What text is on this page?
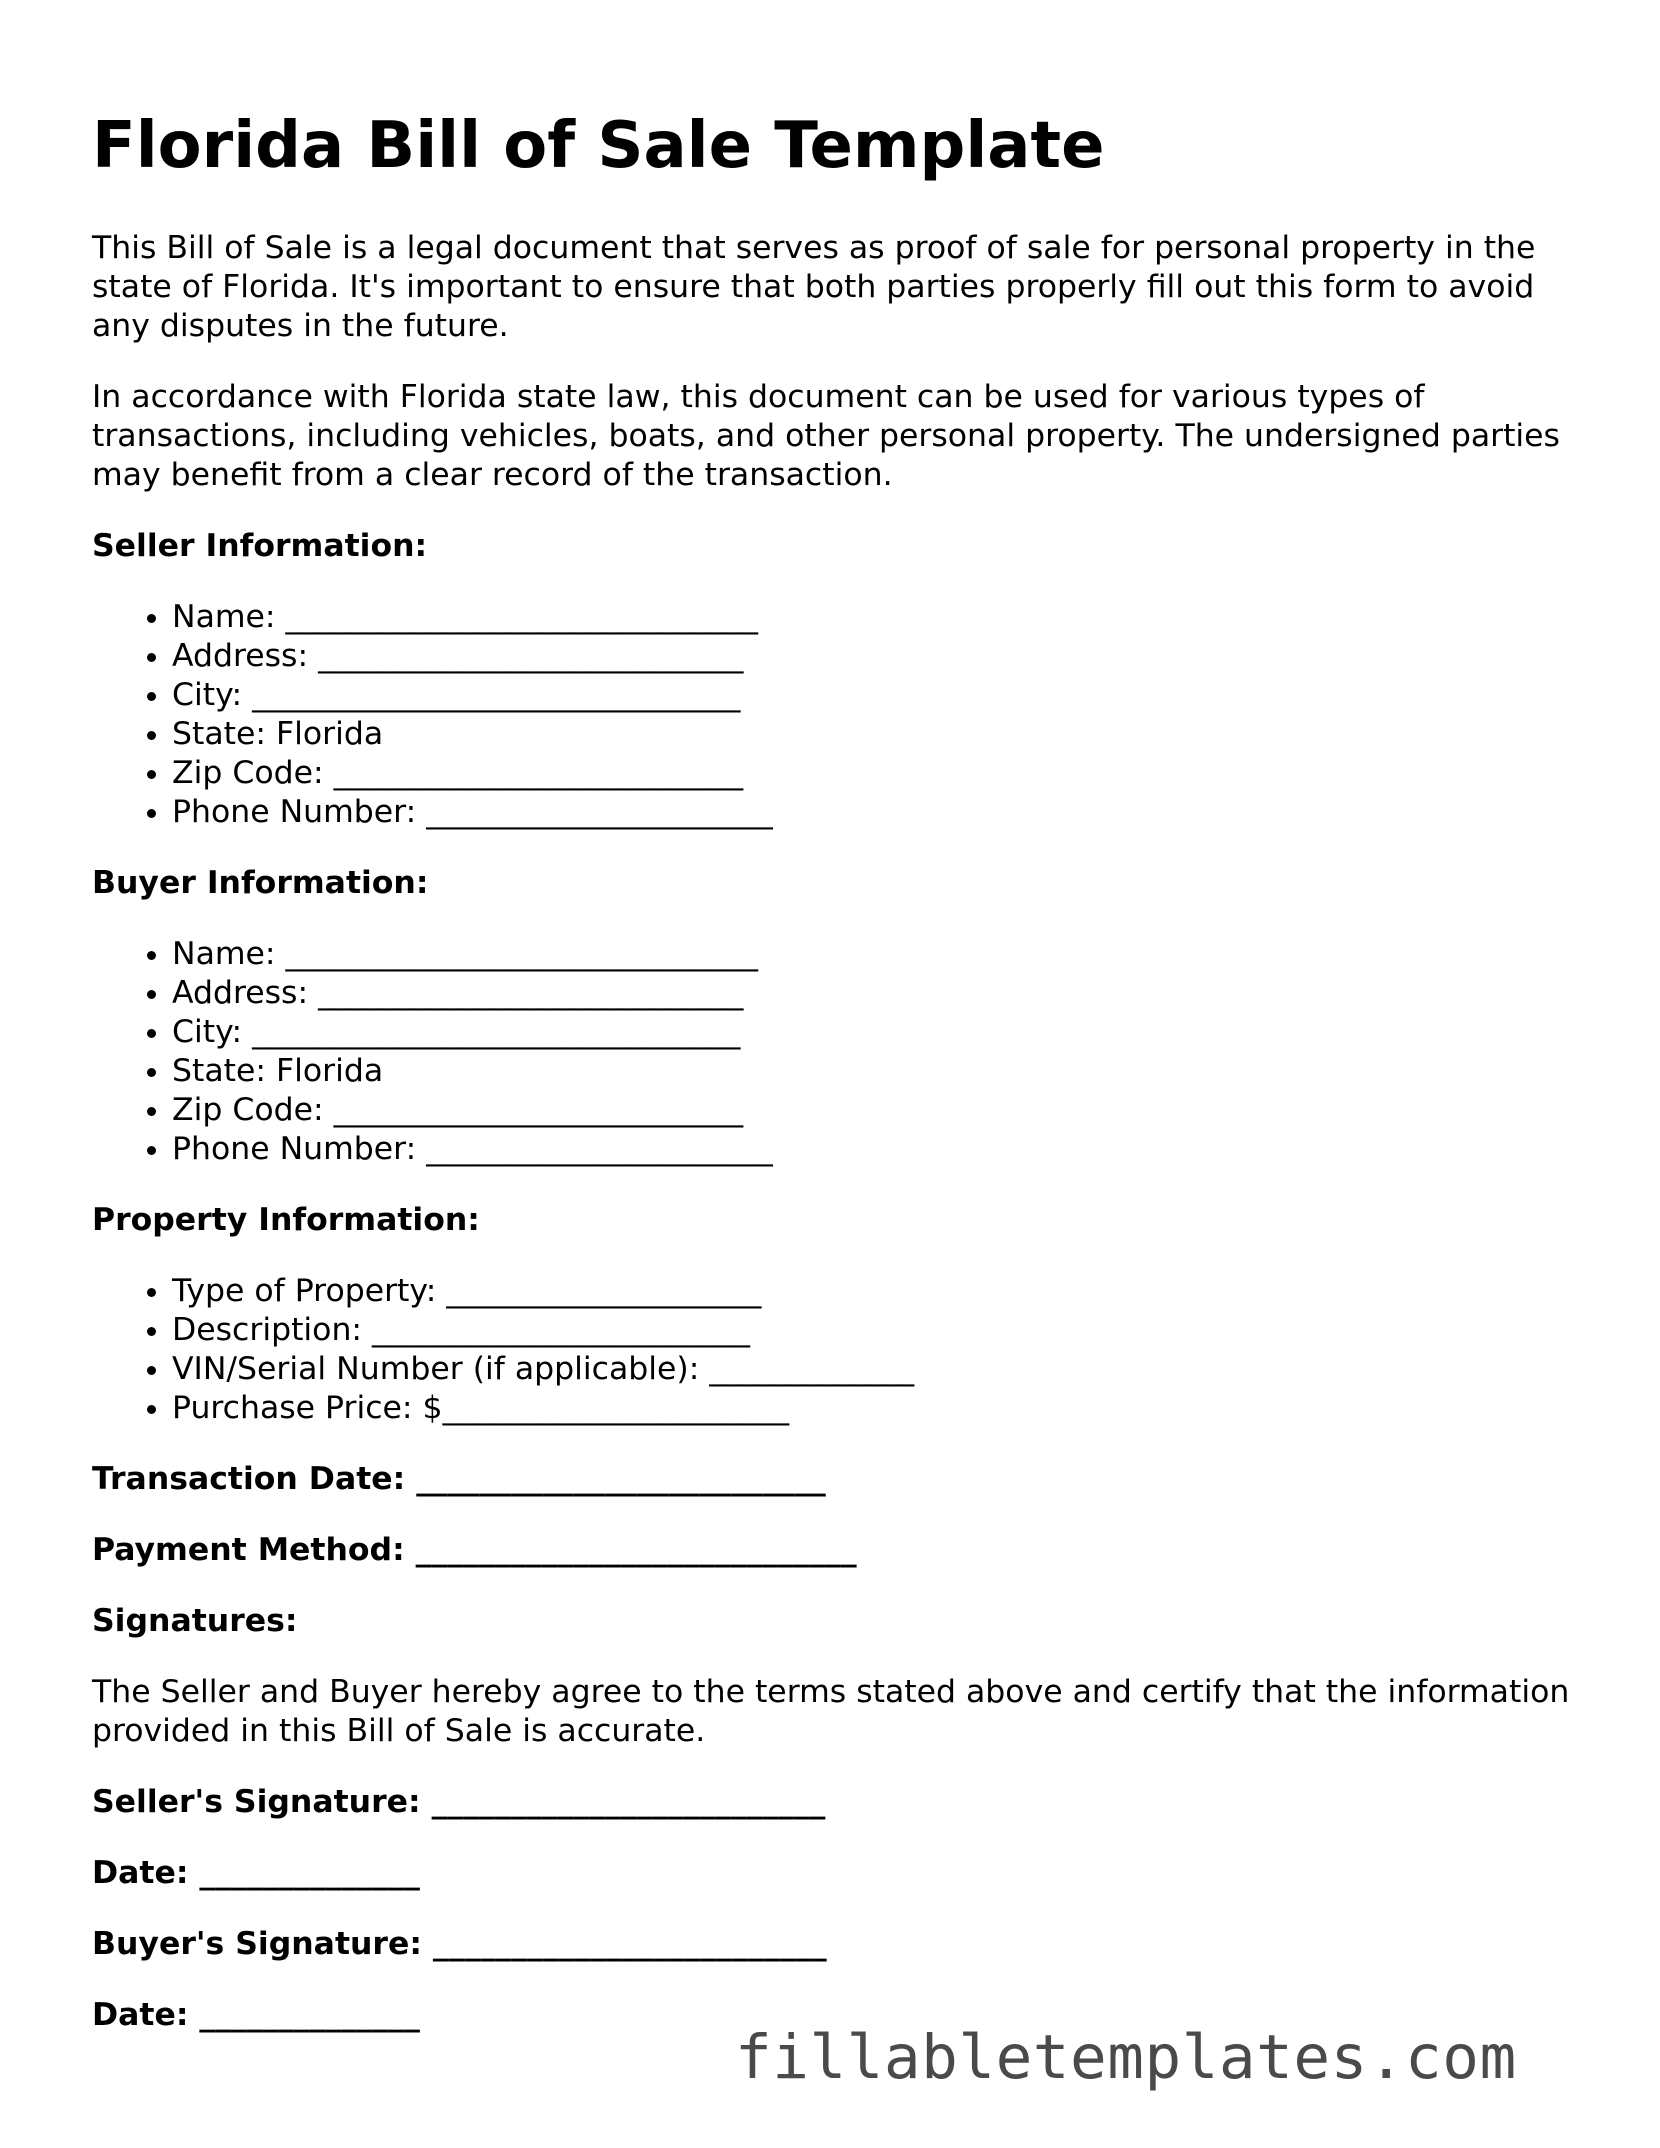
Florida Bill of Sale Template

This Bill of Sale is a legal document that serves as proof of sale for personal property in the state of Florida. It's important to ensure that both parties properly fill out this form to avoid any disputes in the future.

In accordance with Florida state law, this document can be used for various types of transactions, including vehicles, boats, and other personal property. The undersigned parties may benefit from a clear record of the transaction.

Seller Information:
• Name: ______________________________
• Address: ___________________________
• City: _______________________________
• State: Florida
• Zip Code: __________________________
• Phone Number: ______________________
Buyer Information:
• Name: ______________________________
• Address: ___________________________
• City: _______________________________
• State: Florida
• Zip Code: __________________________
• Phone Number: ______________________
Property Information:
• Type of Property: ____________________
• Description: ________________________
• VIN/Serial Number (if applicable): _____________
• Purchase Price: $______________________
Transaction Date: __________________________
Payment Method: ____________________________
Signatures:

The Seller and Buyer hereby agree to the terms stated above and certify that the information provided in this Bill of Sale is accurate.

Seller's Signature: _________________________
Date: ______________
Buyer's Signature: _________________________
Date: ______________
fillabletemplates.com
